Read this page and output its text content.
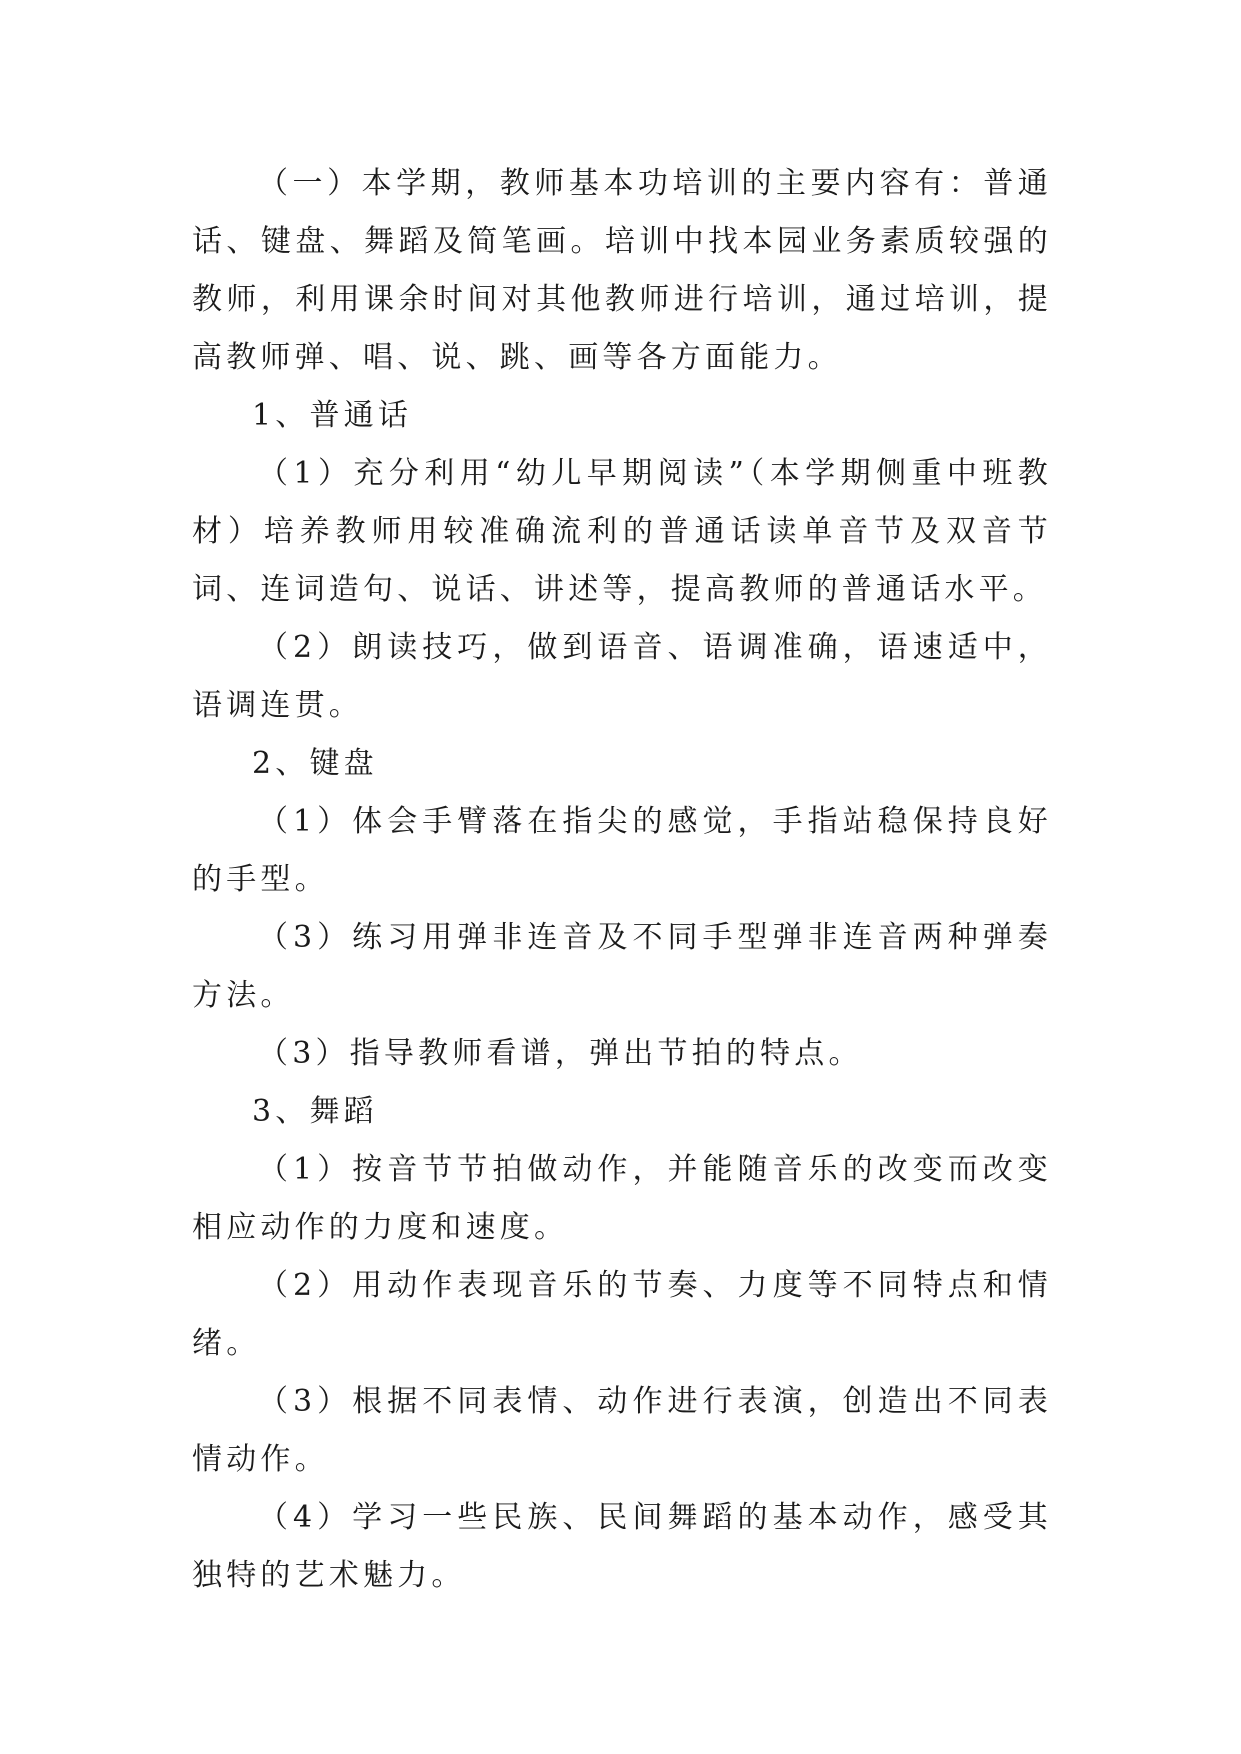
（一）本学期，教师基本功培训的主要内容有：普通话、键盘、舞蹈及简笔画。培训中找本园业务素质较强的教师，利用课余时间对其他教师进行培训，通过培训，提高教师弹、唱、说、跳、画等各方面能力。

1、普通话

（1）充分利用“幼儿早期阅读”（本学期侧重中班教材）培养教师用较准确流利的普通话读单音节及双音节词、连词造句、说话、讲述等，提高教师的普通话水平。

（2）朗读技巧，做到语音、语调准确，语速适中，语调连贯。

2、键盘

（1）体会手臂落在指尖的感觉，手指站稳保持良好的手型。

（3）练习用弹非连音及不同手型弹非连音两种弹奏方法。

（3）指导教师看谱，弹出节拍的特点。

3、舞蹈

（1）按音节节拍做动作，并能随音乐的改变而改变相应动作的力度和速度。

（2）用动作表现音乐的节奏、力度等不同特点和情绪。

（3）根据不同表情、动作进行表演，创造出不同表情动作。

（4）学习一些民族、民间舞蹈的基本动作，感受其独特的艺术魅力。
